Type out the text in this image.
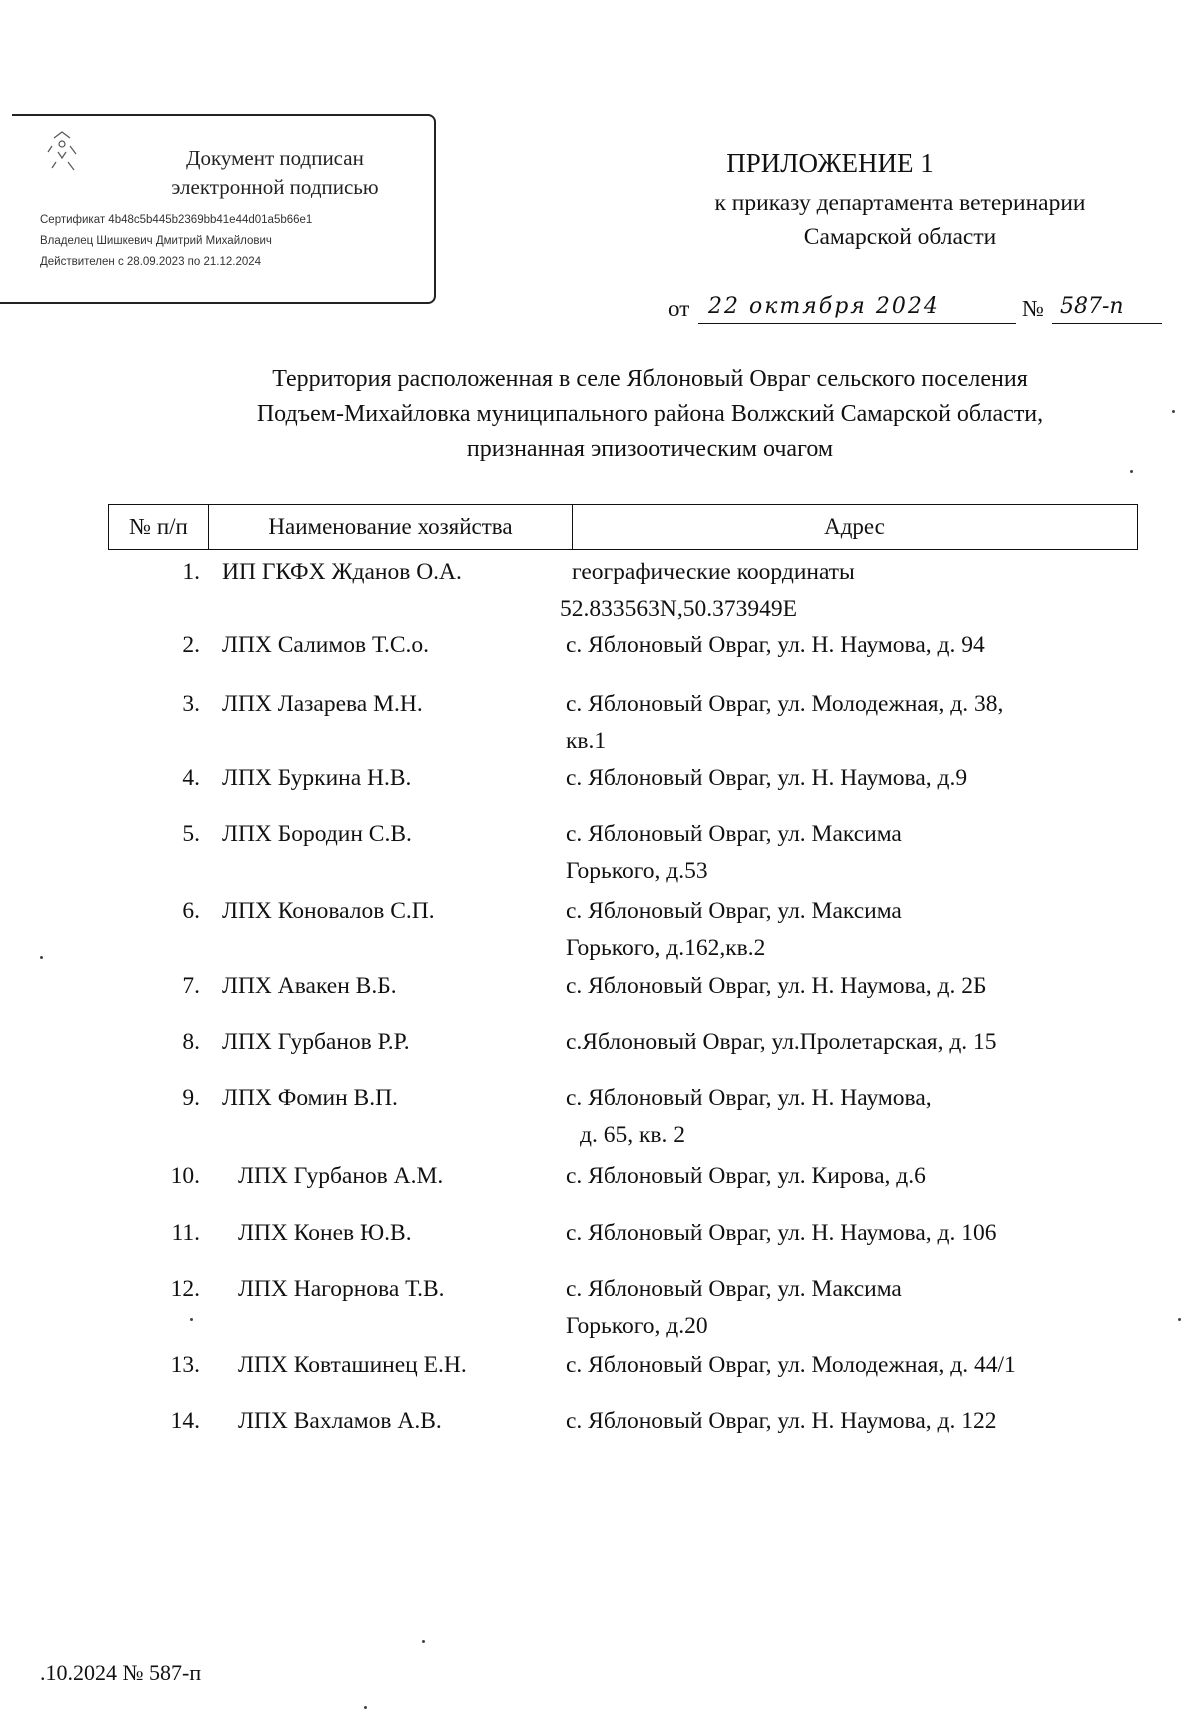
Документ подписан
электронной подписью
Сертификат 4b48c5b445b2369bb41e44d01a5b66e1
Владелец Шишкевич Дмитрий Михайлович
Действителен с 28.09.2023 по 21.12.2024
ПРИЛОЖЕНИЕ 1
к приказу департамента ветеринарии
Самарской области
от 22 октября 2024	№ 587-п
Территория расположенная в селе Яблоновый Овраг сельского поселения
Подъем-Михайловка муниципального района Волжский Самарской области,
признанная эпизоотическим очагом
№ п/п	Наименование хозяйства	Адрес
1. ИП ГКФХ Жданов О.А.	географические координаты
52.833563N,50.373949E
2. ЛПХ Салимов Т.С.о.	с. Яблоновый Овраг, ул. Н. Наумова, д. 94
3. ЛПХ Лазарева М.Н.	с. Яблоновый Овраг, ул. Молодежная, д. 38,
кв.1
4. ЛПХ Буркина Н.В.	с. Яблоновый Овраг, ул. Н. Наумова, д.9
5. ЛПХ Бородин С.В.	с. Яблоновый Овраг, ул. Максима
Горького, д.53
6. ЛПХ Коновалов С.П.	с. Яблоновый Овраг, ул. Максима
Горького, д.162,кв.2
7. ЛПХ Авакен В.Б.	с. Яблоновый Овраг, ул. Н. Наумова, д. 2Б
8. ЛПХ Гурбанов Р.Р.	с.Яблоновый Овраг, ул.Пролетарская, д. 15
9. ЛПХ Фомин В.П.	с. Яблоновый Овраг, ул. Н. Наумова,
д. 65, кв. 2
10. ЛПХ Гурбанов А.М.	с. Яблоновый Овраг, ул. Кирова, д.6
11. ЛПХ Конев Ю.В.	с. Яблоновый Овраг, ул. Н. Наумова, д. 106
12. ЛПХ Нагорнова Т.В.	с. Яблоновый Овраг, ул. Максима
Горького, д.20
13. ЛПХ Ковташинец Е.Н.	с. Яблоновый Овраг, ул. Молодежная, д. 44/1
14. ЛПХ Вахламов А.В.	с. Яблоновый Овраг, ул. Н. Наумова, д. 122
.10.2024 № 587-п
